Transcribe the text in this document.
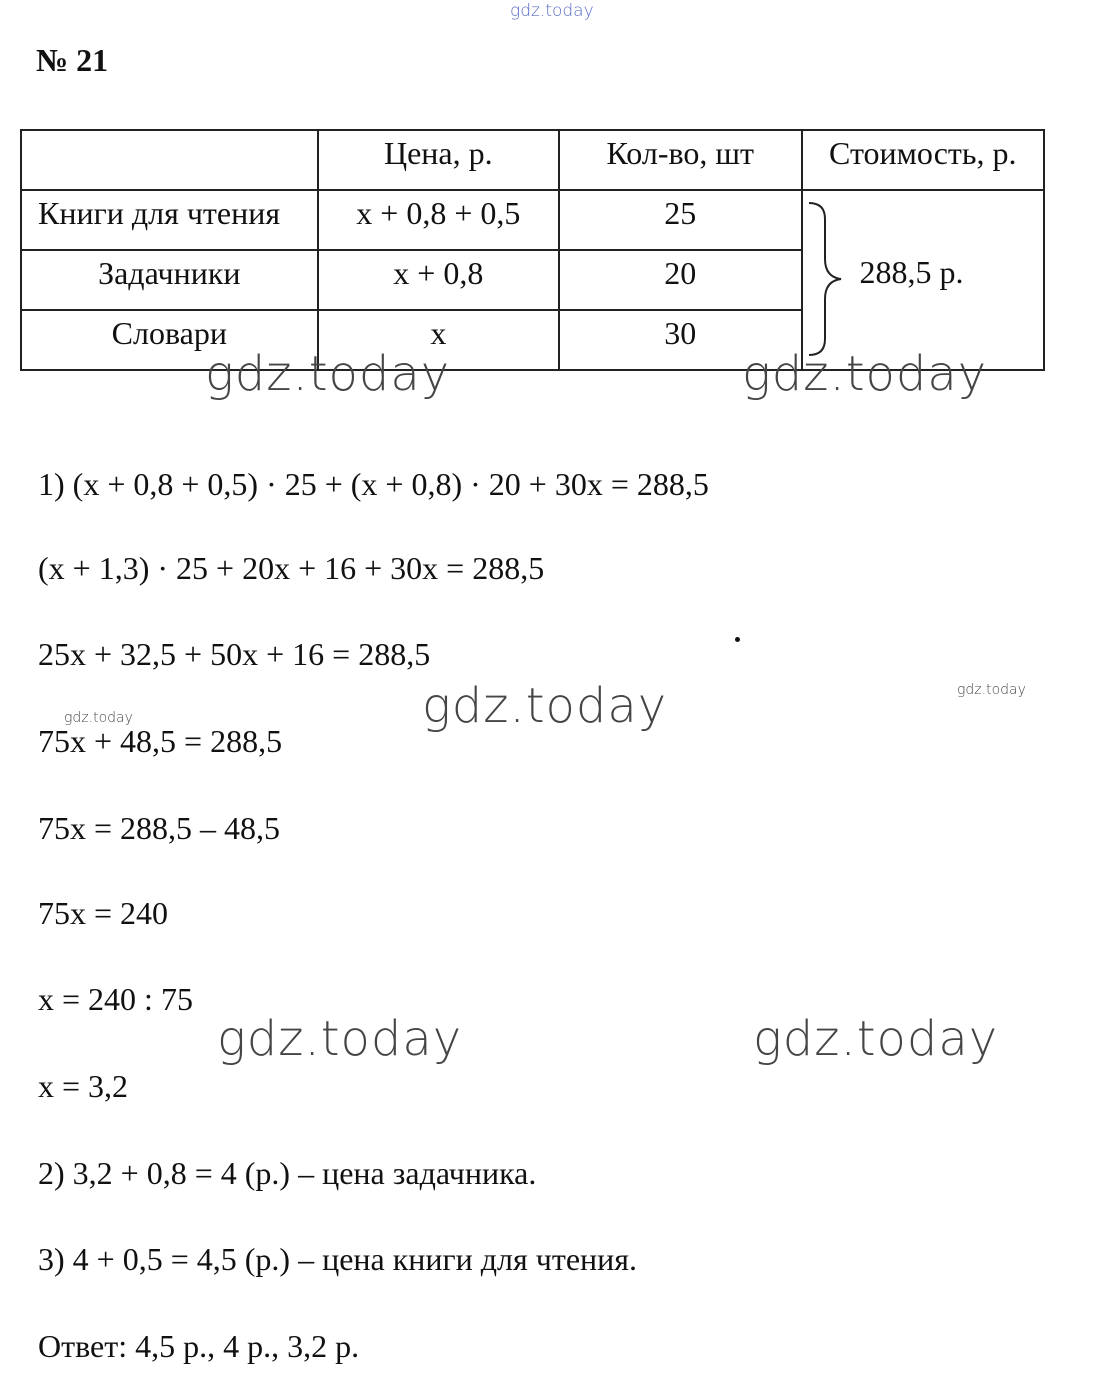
gdz.today
№ 21

	Цена, р.	Кол-во, шт	Стоимость, р.

Книги для чтения	x + 0,8 + 0,5	25	288,5 р.

Задачники	x + 0,8	20	

Словари	x	30	
gdz.today	gdz.today

1) (x + 0,8 + 0,5) · 25 + (x + 0,8) · 20 + 30x = 288,5

(x + 1,3) · 25 + 20x + 16 + 30x = 288,5

25x + 32,5 + 50x + 16 = 288,5

gdz.today	gdz.today
gdz.today

75x + 48,5 = 288,5

75x = 288,5 – 48,5

75x = 240

x = 240 : 75

gdz.today	gdz.today

x = 3,2

2) 3,2 + 0,8 = 4 (р.) – цена задачника.

3) 4 + 0,5 = 4,5 (р.) – цена книги для чтения.

Ответ: 4,5 р., 4 р., 3,2 р.
